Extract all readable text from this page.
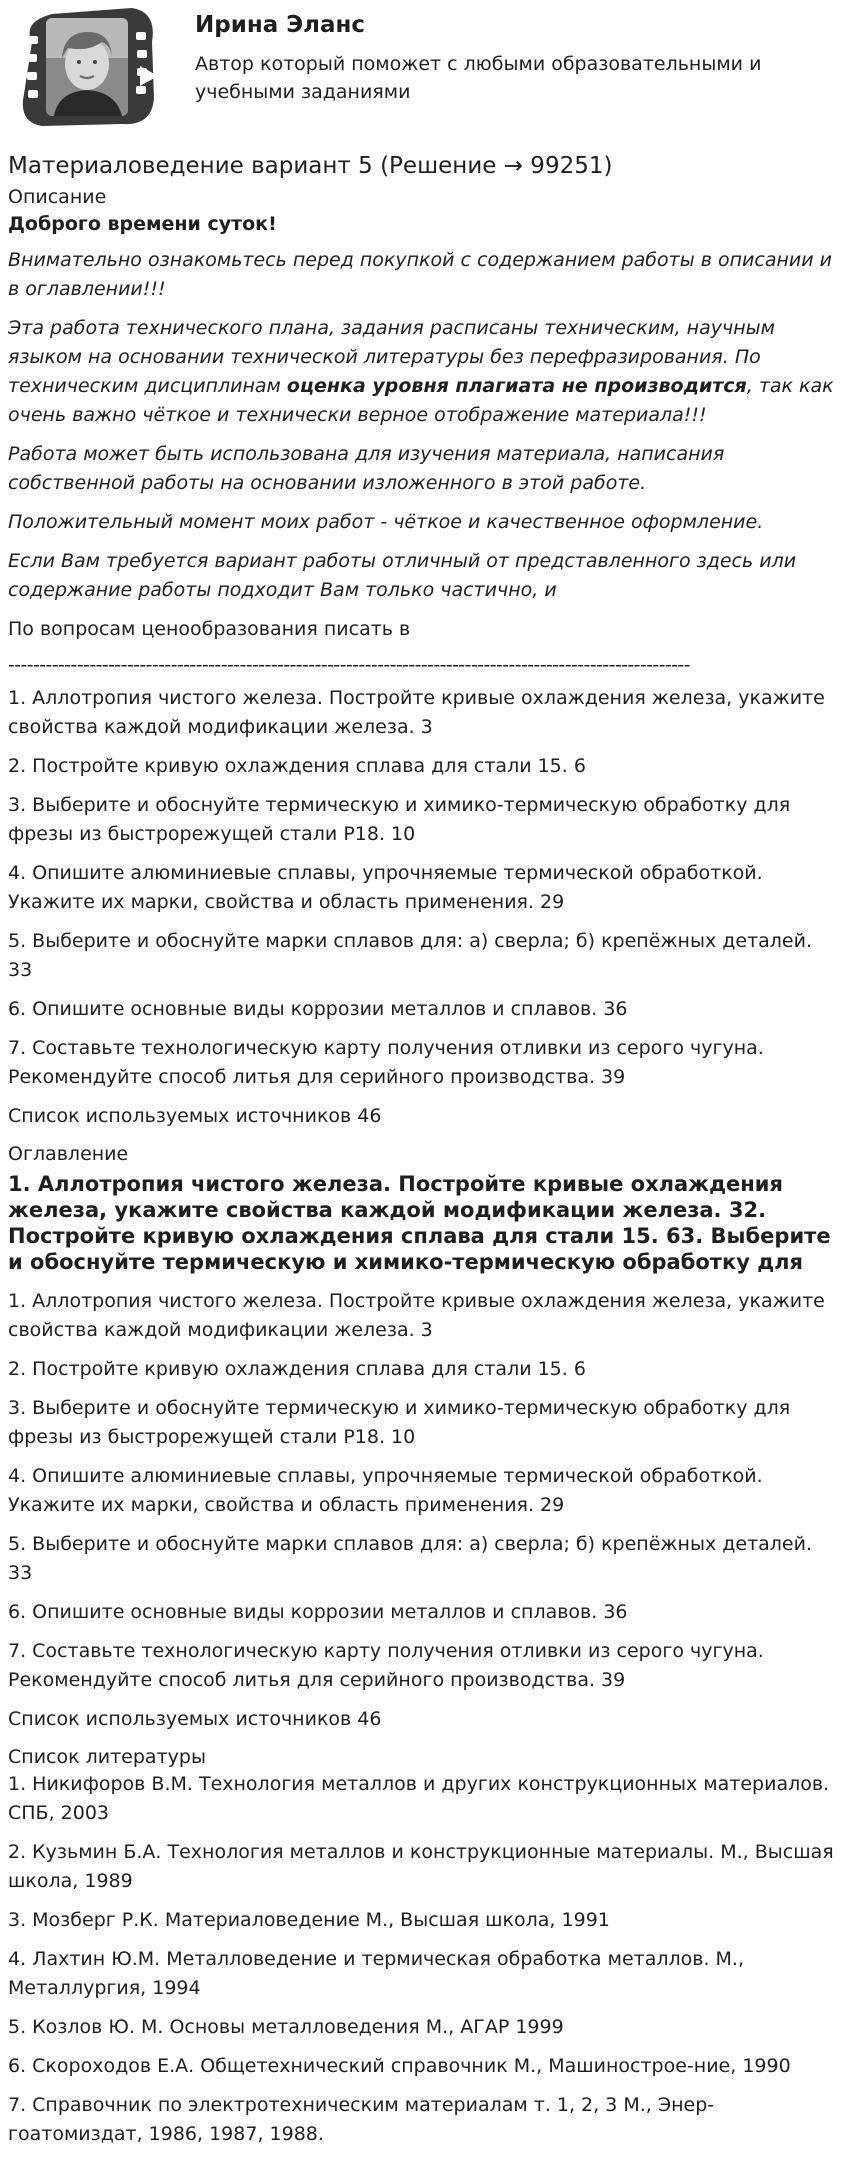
Ирина Эланс
Автор который поможет с любыми образовательными и учебными заданиями
Материаловедение вариант 5 (Решение → 99251)
Описание

Доброго времени суток!

Внимательно ознакомьтесь перед покупкой с содержанием работы в описании и в оглавлении!!!

Эта работа технического плана, задания расписаны техническим, научным языком на основании технической литературы без перефразирования. По техническим дисциплинам оценка уровня плагиата не производится, так как очень важно чёткое и технически верное отображение материала!!!

Работа может быть использована для изучения материала, написания собственной работы на основании изложенного в этой работе.

Положительный момент моих работ - чёткое и качественное оформление.

Если Вам требуется вариант работы отличный от представленного здесь или содержание работы подходит Вам только частично, и

По вопросам ценообразования писать в

-------------------------------------------------------------------------------------------------------------
1. Аллотропия чистого железа. Постройте кривые охлаждения железа, укажите свойства каждой модификации железа. 3
2. Постройте кривую охлаждения сплава для стали 15. 6
3. Выберите и обоснуйте термическую и химико-термическую обработку для фрезы из быстрорежущей стали Р18. 10
4. Опишите алюминиевые сплавы, упрочняемые термической обработкой. Укажите их марки, свойства и область применения. 29
5. Выберите и обоснуйте марки сплавов для: а) сверла; б) крепёжных деталей. 33
6. Опишите основные виды коррозии металлов и сплавов. 36
7. Составьте технологическую карту получения отливки из серого чугуна. Рекомендуйте способ литья для серийного производства. 39
Список используемых источников 46
Оглавление
1. Аллотропия чистого железа. Постройте кривые охлаждения железа, укажите свойства каждой модификации железа. 32. Постройте кривую охлаждения сплава для стали 15. 63. Выберите и обоснуйте термическую и химико-термическую обработку для
1. Аллотропия чистого железа. Постройте кривые охлаждения железа, укажите свойства каждой модификации железа. 3
2. Постройте кривую охлаждения сплава для стали 15. 6
3. Выберите и обоснуйте термическую и химико-термическую обработку для фрезы из быстрорежущей стали Р18. 10
4. Опишите алюминиевые сплавы, упрочняемые термической обработкой. Укажите их марки, свойства и область применения. 29
5. Выберите и обоснуйте марки сплавов для: а) сверла; б) крепёжных деталей. 33
6. Опишите основные виды коррозии металлов и сплавов. 36
7. Составьте технологическую карту получения отливки из серого чугуна. Рекомендуйте способ литья для серийного производства. 39
Список используемых источников 46
Список литературы
1. Никифоров В.М. Технология металлов и других конструкционных материалов. СПБ, 2003
2. Кузьмин Б.А. Технология металлов и конструкционные материалы. М., Высшая школа, 1989
3. Мозберг Р.К. Материаловедение М., Высшая школа, 1991
4. Лахтин Ю.М. Металловедение и термическая обработка металлов. М., Металлургия, 1994
5. Козлов Ю. М. Основы металловедения М., АГАР 1999
6. Скороходов Е.А. Общетехнический справочник М., Машинострое-ние, 1990
7. Справочник по электротехническим материалам т. 1, 2, 3 М., Энер-гоатомиздат, 1986, 1987, 1988.
